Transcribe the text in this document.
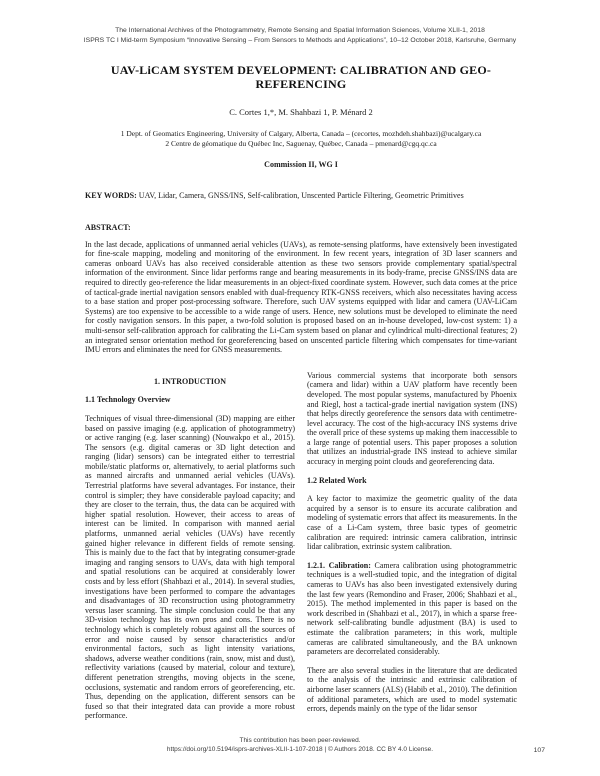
The International Archives of the Photogrammetry, Remote Sensing and Spatial Information Sciences, Volume XLII-1, 2018
ISPRS TC I Mid-term Symposium “Innovative Sensing – From Sensors to Methods and Applications”, 10–12 October 2018, Karlsruhe, Germany
UAV-LiCAM SYSTEM DEVELOPMENT: CALIBRATION AND GEO-REFERENCING
C. Cortes 1,*, M. Shahbazi 1, P. Ménard 2
1 Dept. of Geomatics Engineering, University of Calgary, Alberta, Canada – (cecortes, mozhdeh.shahbazi)@ucalgary.ca
2 Centre de géomatique du Québec Inc, Saguenay, Québec, Canada – pmenard@cgq.qc.ca
Commission II, WG I
KEY WORDS: UAV, Lidar, Camera, GNSS/INS, Self-calibration, Unscented Particle Filtering, Geometric Primitives
ABSTRACT:
In the last decade, applications of unmanned aerial vehicles (UAVs), as remote-sensing platforms, have extensively been investigated for fine-scale mapping, modeling and monitoring of the environment. In few recent years, integration of 3D laser scanners and cameras onboard UAVs has also received considerable attention as these two sensors provide complementary spatial/spectral information of the environment. Since lidar performs range and bearing measurements in its body-frame, precise GNSS/INS data are required to directly geo-reference the lidar measurements in an object-fixed coordinate system. However, such data comes at the price of tactical-grade inertial navigation sensors enabled with dual-frequency RTK-GNSS receivers, which also necessitates having access to a base station and proper post-processing software. Therefore, such UAV systems equipped with lidar and camera (UAV-LiCam Systems) are too expensive to be accessible to a wide range of users. Hence, new solutions must be developed to eliminate the need for costly navigation sensors. In this paper, a two-fold solution is proposed based on an in-house developed, low-cost system: 1) a multi-sensor self-calibration approach for calibrating the Li-Cam system based on planar and cylindrical multi-directional features; 2) an integrated sensor orientation method for georeferencing based on unscented particle filtering which compensates for time-variant IMU errors and eliminates the need for GNSS measurements.
1. INTRODUCTION
1.1 Technology Overview
Techniques of visual three-dimensional (3D) mapping are either based on passive imaging (e.g. application of photogrammetry) or active ranging (e.g. laser scanning) (Nouwakpo et al., 2015). The sensors (e.g. digital cameras or 3D light detection and ranging (lidar) sensors) can be integrated either to terrestrial mobile/static platforms or, alternatively, to aerial platforms such as manned aircrafts and unmanned aerial vehicles (UAVs). Terrestrial platforms have several advantages. For instance, their control is simpler; they have considerable payload capacity; and they are closer to the terrain, thus, the data can be acquired with higher spatial resolution. However, their access to areas of interest can be limited. In comparison with manned aerial platforms, unmanned aerial vehicles (UAVs) have recently gained higher relevance in different fields of remote sensing. This is mainly due to the fact that by integrating consumer-grade imaging and ranging sensors to UAVs, data with high temporal and spatial resolutions can be acquired at considerably lower costs and by less effort (Shahbazi et al., 2014). In several studies, investigations have been performed to compare the advantages and disadvantages of 3D reconstruction using photogrammetry versus laser scanning. The simple conclusion could be that any 3D-vision technology has its own pros and cons. There is no technology which is completely robust against all the sources of error and noise caused by sensor characteristics and/or environmental factors, such as light intensity variations, shadows, adverse weather conditions (rain, snow, mist and dust), reflectivity variations (caused by material, colour and texture), different penetration strengths, moving objects in the scene, occlusions, systematic and random errors of georeferencing, etc. Thus, depending on the application, different sensors can be fused so that their integrated data can provide a more robust performance.
Various commercial systems that incorporate both sensors (camera and lidar) within a UAV platform have recently been developed. The most popular systems, manufactured by Phoenix and Riegl, host a tactical-grade inertial navigation system (INS) that helps directly georeference the sensors data with centimetre-level accuracy. The cost of the high-accuracy INS systems drive the overall price of these systems up making them inaccessible to a large range of potential users. This paper proposes a solution that utilizes an industrial-grade INS instead to achieve similar accuracy in merging point clouds and georeferencing data.
1.2 Related Work
A key factor to maximize the geometric quality of the data acquired by a sensor is to ensure its accurate calibration and modeling of systematic errors that affect its measurements. In the case of a Li-Cam system, three basic types of geometric calibration are required: intrinsic camera calibration, intrinsic lidar calibration, extrinsic system calibration.
1.2.1. Calibration: Camera calibration using photogrammetric techniques is a well-studied topic, and the integration of digital cameras to UAVs has also been investigated extensively during the last few years (Remondino and Fraser, 2006; Shahbazi et al., 2015). The method implemented in this paper is based on the work described in (Shahbazi et al., 2017), in which a sparse free-network self-calibrating bundle adjustment (BA) is used to estimate the calibration parameters; in this work, multiple cameras are calibrated simultaneously, and the BA unknown parameters are decorrelated considerably.
There are also several studies in the literature that are dedicated to the analysis of the intrinsic and extrinsic calibration of airborne laser scanners (ALS) (Habib et al., 2010). The definition of additional parameters, which are used to model systematic errors, depends mainly on the type of the lidar sensor
This contribution has been peer-reviewed.
https://doi.org/10.5194/isprs-archives-XLII-1-107-2018 | © Authors 2018. CC BY 4.0 License.	107
